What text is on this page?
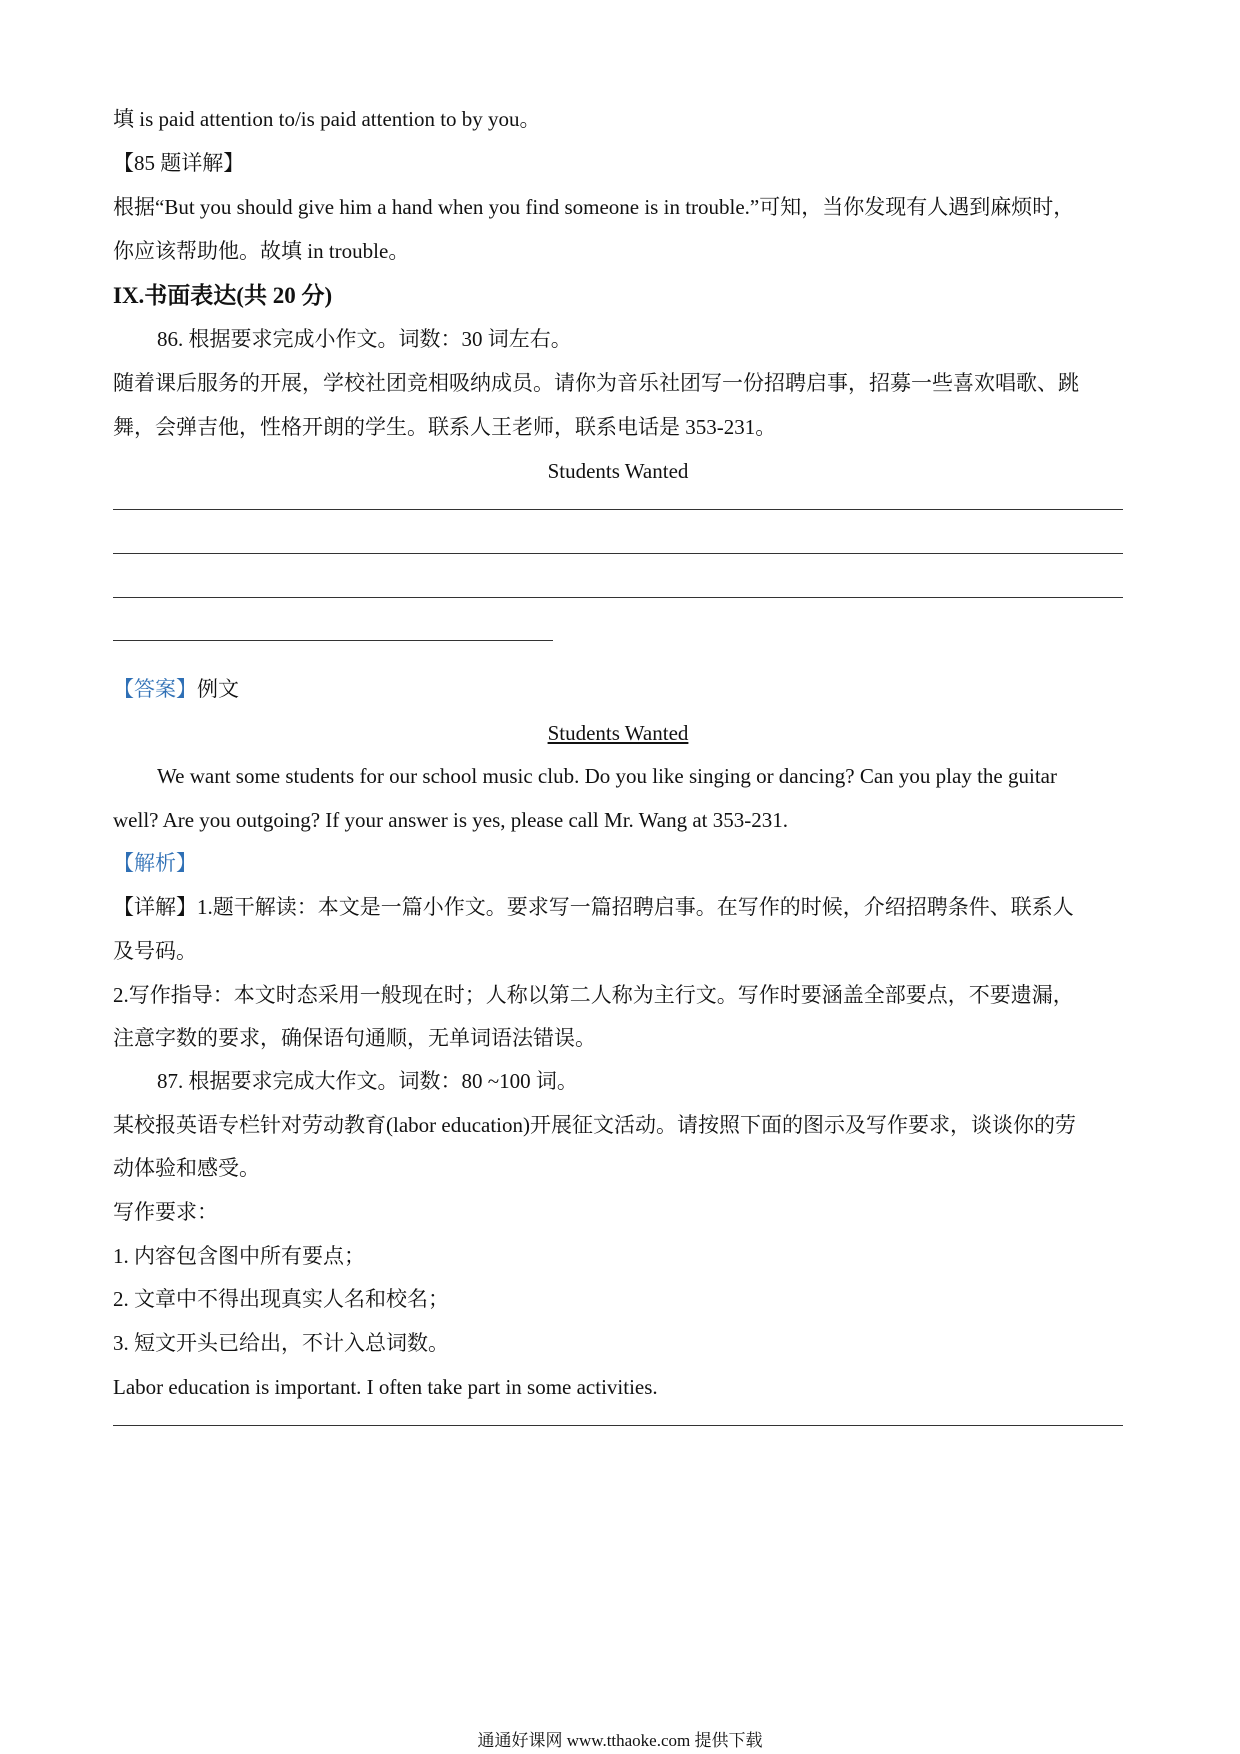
填 is paid attention to/is paid attention to by you。
【85 题详解】
根据“But you should give him a hand when you find someone is in trouble.”可知，当你发现有人遇到麻烦时，
你应该帮助他。故填 in trouble。
IX.书面表达(共 20 分)
86. 根据要求完成小作文。词数：30 词左右。
随着课后服务的开展，学校社团竞相吸纳成员。请你为音乐社团写一份招聘启事，招募一些喜欢唱歌、跳
舞，会弹吉他，性格开朗的学生。联系人王老师，联系电话是 353-231。
Students Wanted
【答案】例文
Students Wanted
We want some students for our school music club. Do you like singing or dancing? Can you play the guitar
well? Are you outgoing? If your answer is yes, please call Mr. Wang at 353-231.
【解析】
【详解】1.题干解读：本文是一篇小作文。要求写一篇招聘启事。在写作的时候，介绍招聘条件、联系人
及号码。
2.写作指导：本文时态采用一般现在时；人称以第二人称为主行文。写作时要涵盖全部要点，不要遗漏，
注意字数的要求，确保语句通顺，无单词语法错误。
87. 根据要求完成大作文。词数：80 ~100 词。
某校报英语专栏针对劳动教育(labor education)开展征文活动。请按照下面的图示及写作要求，谈谈你的劳
动体验和感受。
写作要求：
1. 内容包含图中所有要点；
2. 文章中不得出现真实人名和校名；
3. 短文开头已给出，不计入总词数。
Labor education is important. I often take part in some activities.
通通好课网 www.tthaoke.com 提供下载
